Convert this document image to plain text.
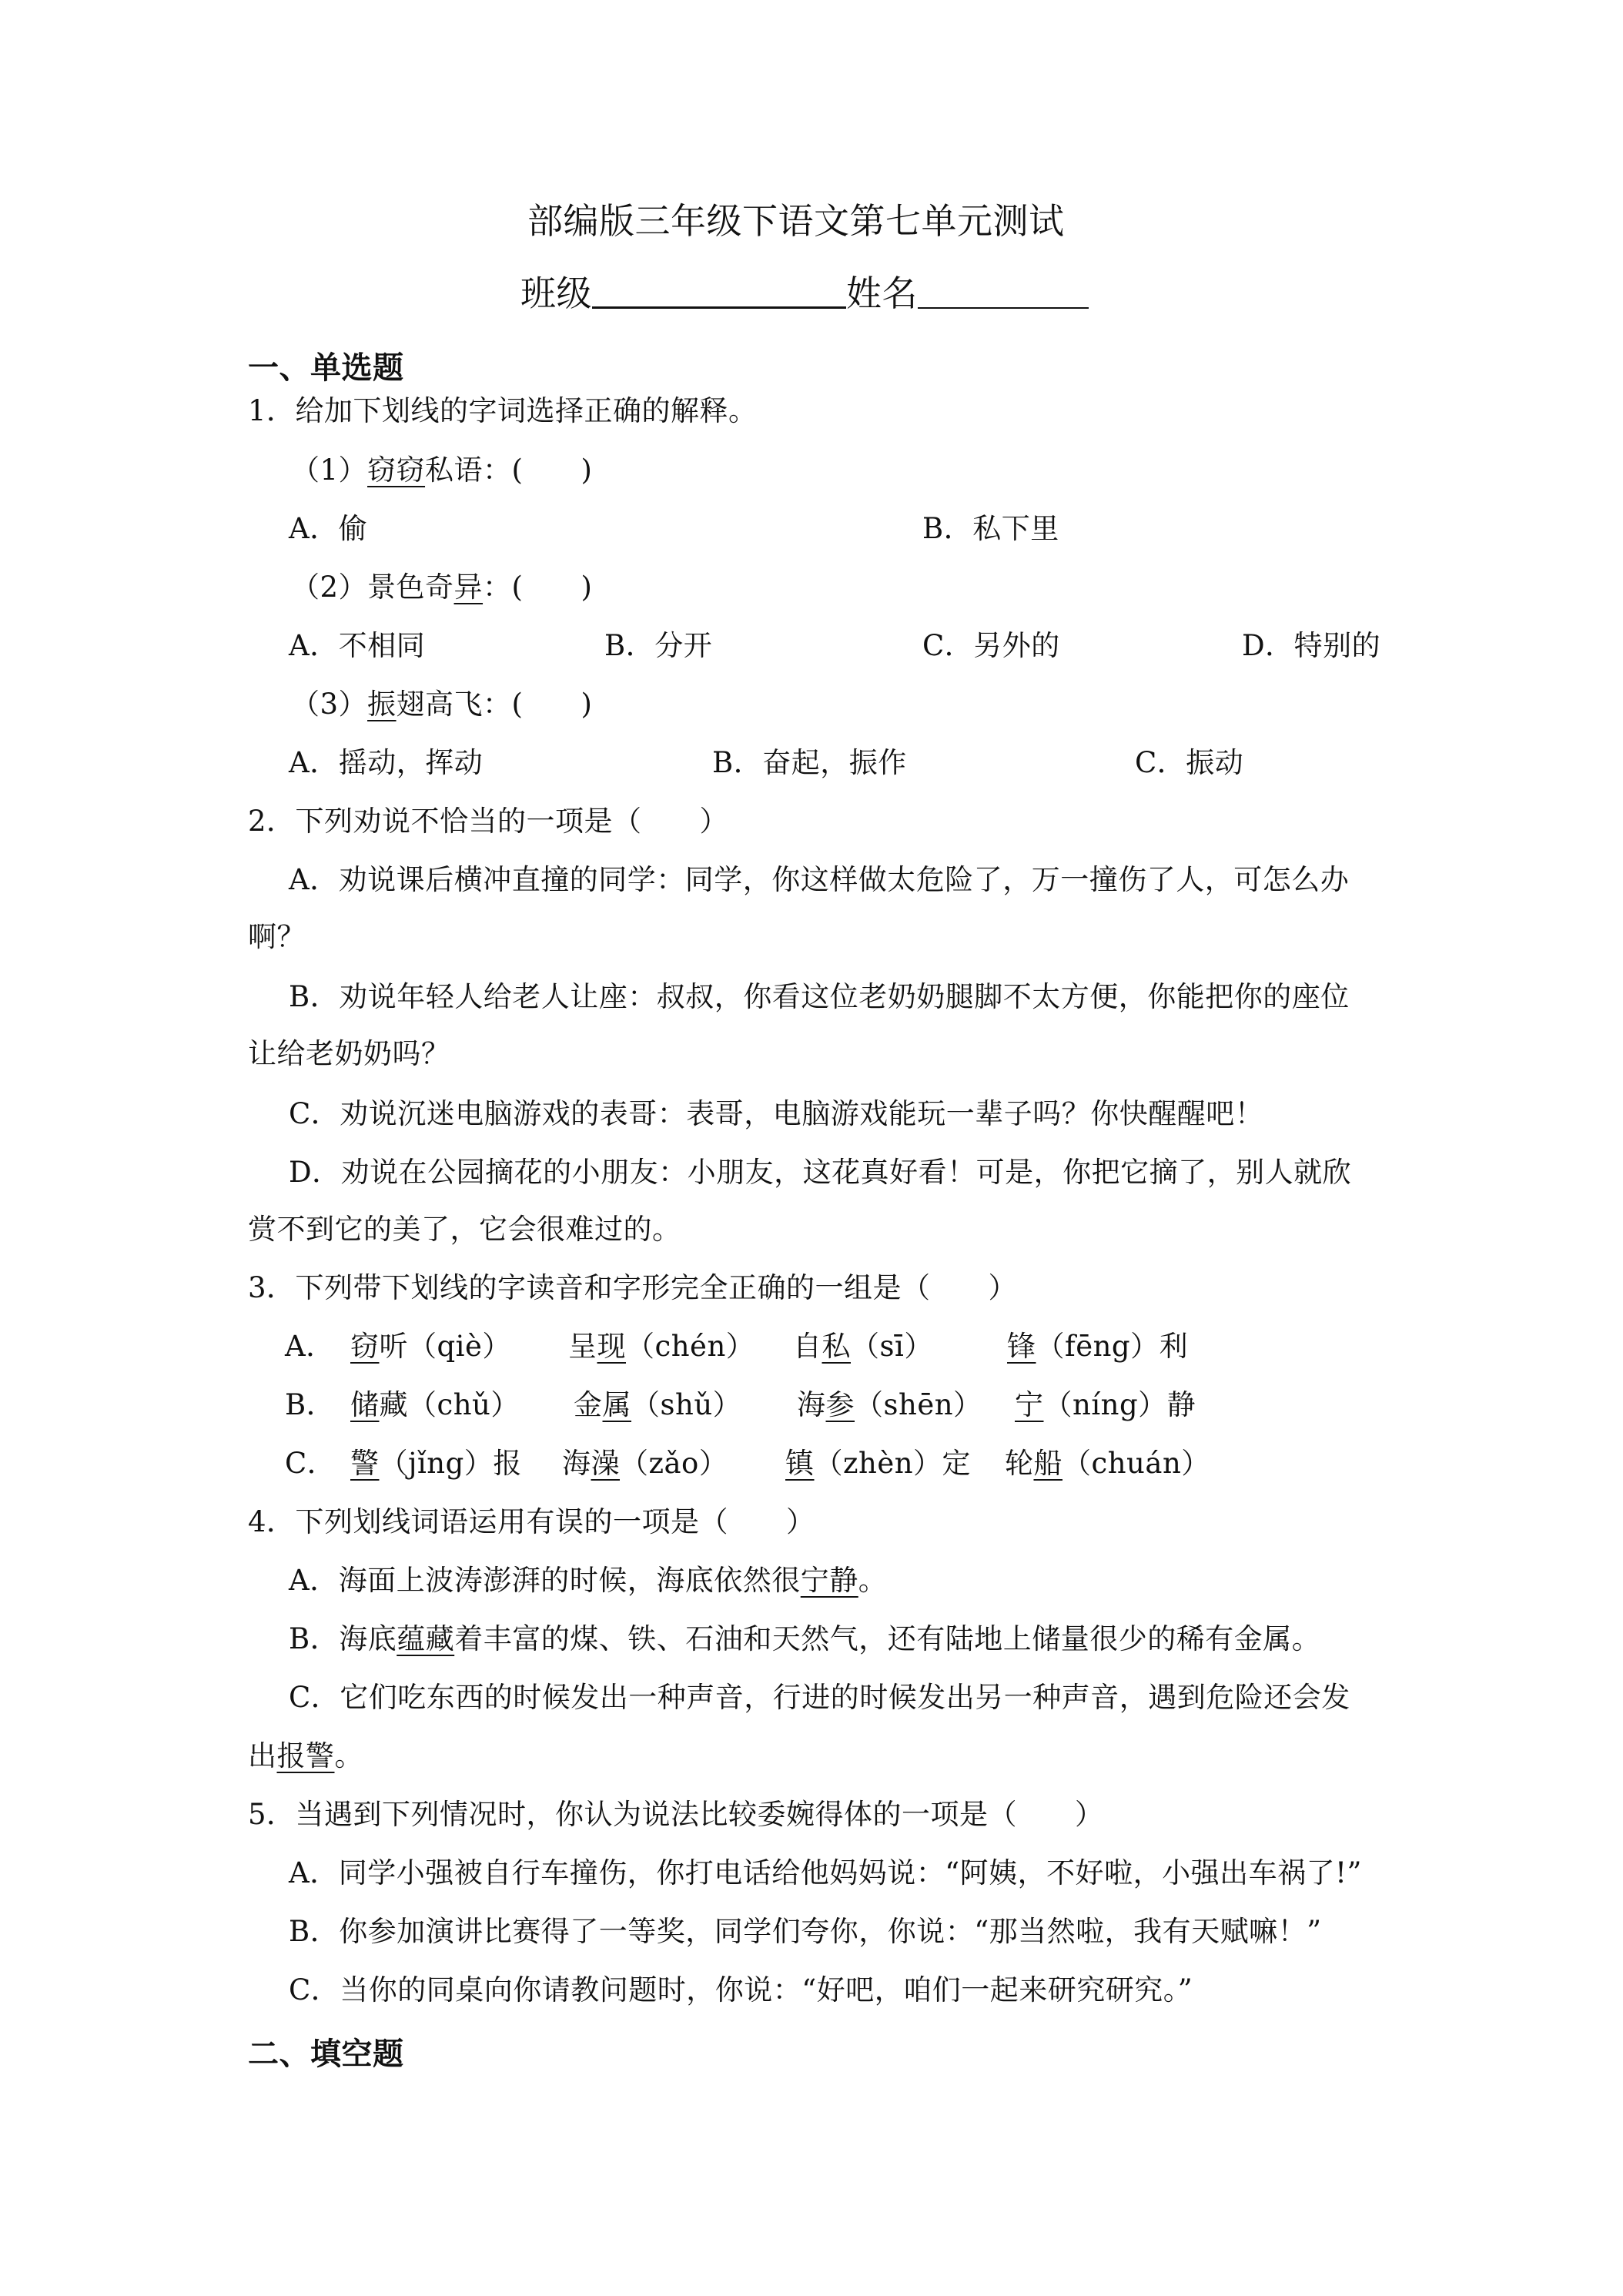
部编版三年级下语文第七单元测试
班级	姓名
一、单选题
1．给加下划线的字词选择正确的解释。
（1）窃窃私语：(　　)
A．偷	B．私下里
（2）景色奇异：(　　)
A．不相同	B．分开	C．另外的	D．特别的
（3）振翅高飞：(　　)
A．摇动，挥动	B．奋起，振作	C．振动
2．下列劝说不恰当的一项是（　　）
A．劝说课后横冲直撞的同学：同学，你这样做太危险了，万一撞伤了人，可怎么办
啊？
B．劝说年轻人给老人让座：叔叔，你看这位老奶奶腿脚不太方便，你能把你的座位
让给老奶奶吗？
C．劝说沉迷电脑游戏的表哥：表哥，电脑游戏能玩一辈子吗？你快醒醒吧！
D．劝说在公园摘花的小朋友：小朋友，这花真好看！可是，你把它摘了，别人就欣
赏不到它的美了，它会很难过的。
3．下列带下划线的字读音和字形完全正确的一组是（　　）
A． 窃听（qiè） 呈现（chén） 自私（sī）	锋（fēng）利
B． 储藏（chǔ） 金属（shǔ） 海参（shēn） 宁（níng）静
C． 警（jǐng）报 海澡（zǎo） 镇（zhèn）定 轮船（chuán）
4．下列划线词语运用有误的一项是（　　）
A．海面上波涛澎湃的时候，海底依然很宁静。
B．海底蕴藏着丰富的煤、铁、石油和天然气，还有陆地上储量很少的稀有金属。
C．它们吃东西的时候发出一种声音，行进的时候发出另一种声音，遇到危险还会发
出报警。
5．当遇到下列情况时，你认为说法比较委婉得体的一项是（　　）
A．同学小强被自行车撞伤，你打电话给他妈妈说：“阿姨，不好啦，小强出车祸了!”
B．你参加演讲比赛得了一等奖，同学们夸你，你说：“那当然啦，我有天赋嘛！”
C．当你的同桌向你请教问题时，你说：“好吧，咱们一起来研究研究。”
二、填空题
